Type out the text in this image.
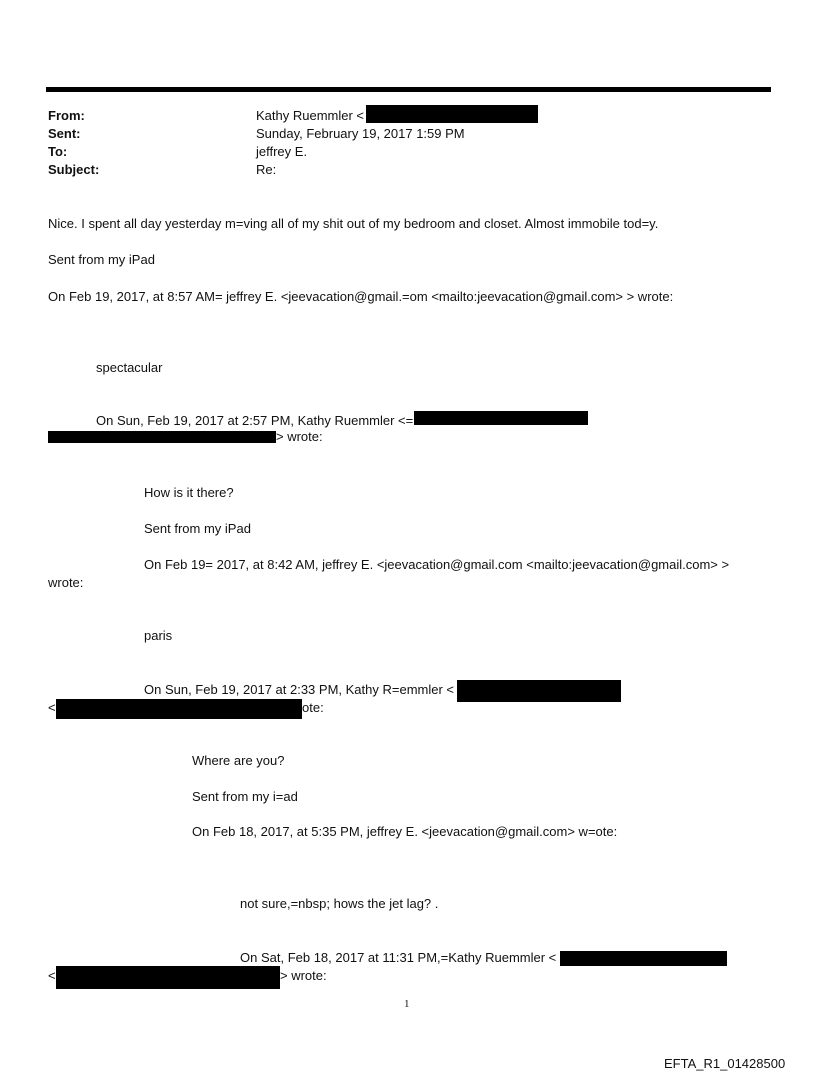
From:	Kathy Ruemmler <
Sent:	Sunday, February 19, 2017 1:59 PM
To:	jeffrey E.
Subject:	Re:
Nice. I spent all day yesterday m=ving all of my shit out of my bedroom and closet. Almost immobile tod=y.
Sent from my iPad
On Feb 19, 2017, at 8:57 AM= jeffrey E. <jeevacation@gmail.=om <mailto:jeevacation@gmail.com> > wrote:
spectacular
On Sun, Feb 19, 2017 at 2:57 PM, Kathy Ruemmler <=
> wrote:
How is it there?
Sent from my iPad
On Feb 19= 2017, at 8:42 AM, jeffrey E. <jeevacation@gmail.com <mailto:jeevacation@gmail.com> >
wrote:
paris
On Sun, Feb 19, 2017 at 2:33 PM, Kathy R=emmler <
<	ote:
Where are you?
Sent from my i=ad
On Feb 18, 2017, at 5:35 PM, jeffrey E. <jeevacation@gmail.com> w=ote:
not sure,=nbsp; hows the jet lag? .
On Sat, Feb 18, 2017 at 11:31 PM,=Kathy Ruemmler <
<	> wrote:
1
EFTA_R1_01428500
